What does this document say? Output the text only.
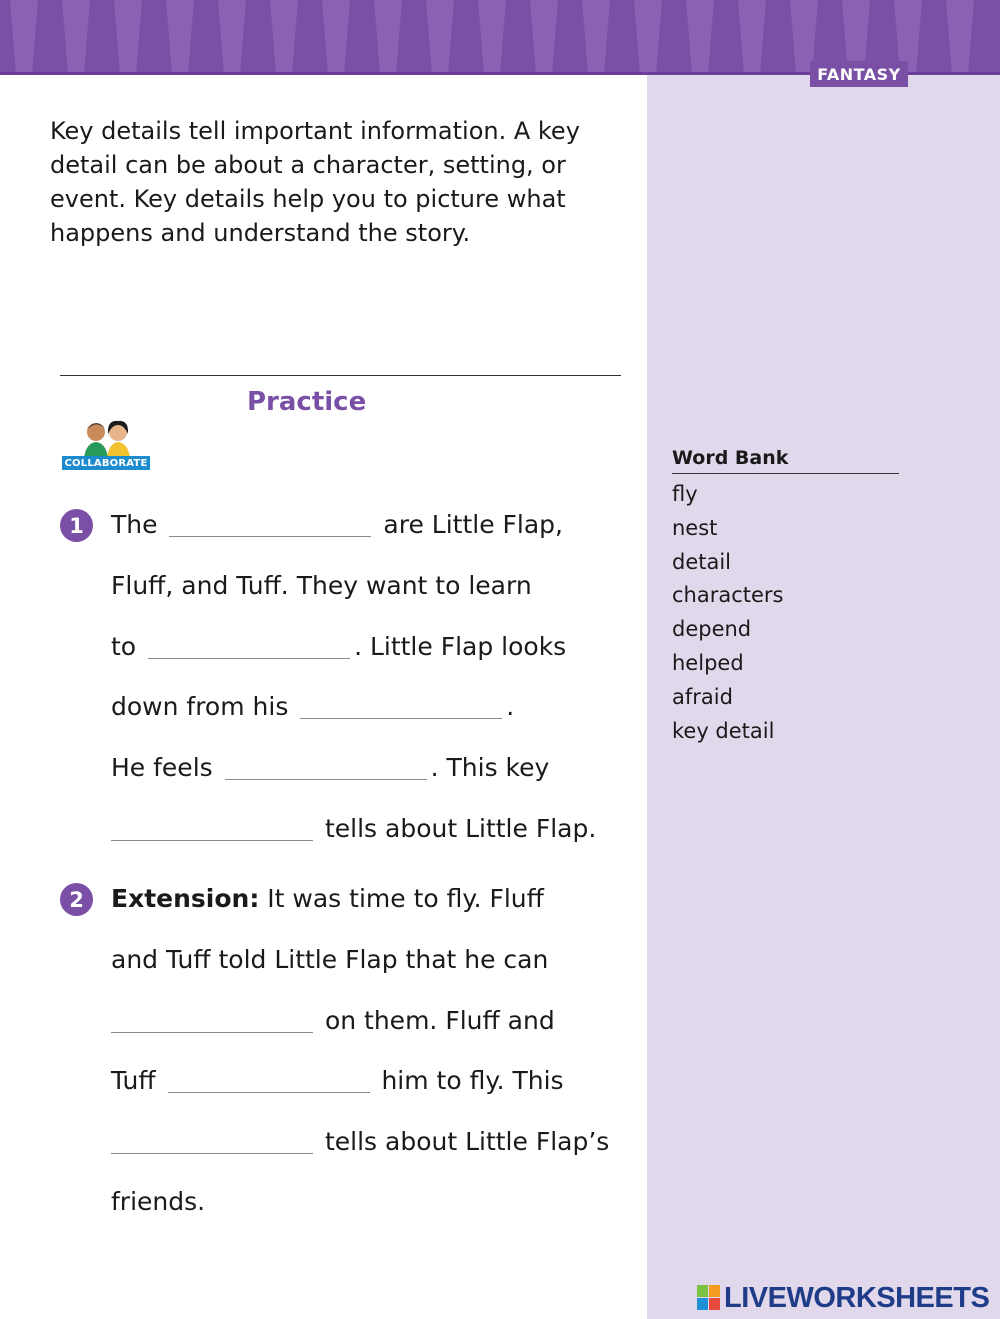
FANTASY

Key details tell important information. A key detail can be about a character, setting, or event. Key details help you to picture what happens and understand the story.

Practice
COLLABORATE
1	The	are Little Flap,
Fluff, and Tuff. They want to learn
to	. Little Flap looks
down from his	.
He feels	. This key
tells about Little Flap.
2	Extension: It was time to fly. Fluff
and Tuff told Little Flap that he can
on them. Fluff and
Tuff	him to fly. This
tells about Little Flap’s
friends.
Word Bank
fly
nest
detail
characters
depend
helped
afraid
key detail
LIVEWORKSHEETS
